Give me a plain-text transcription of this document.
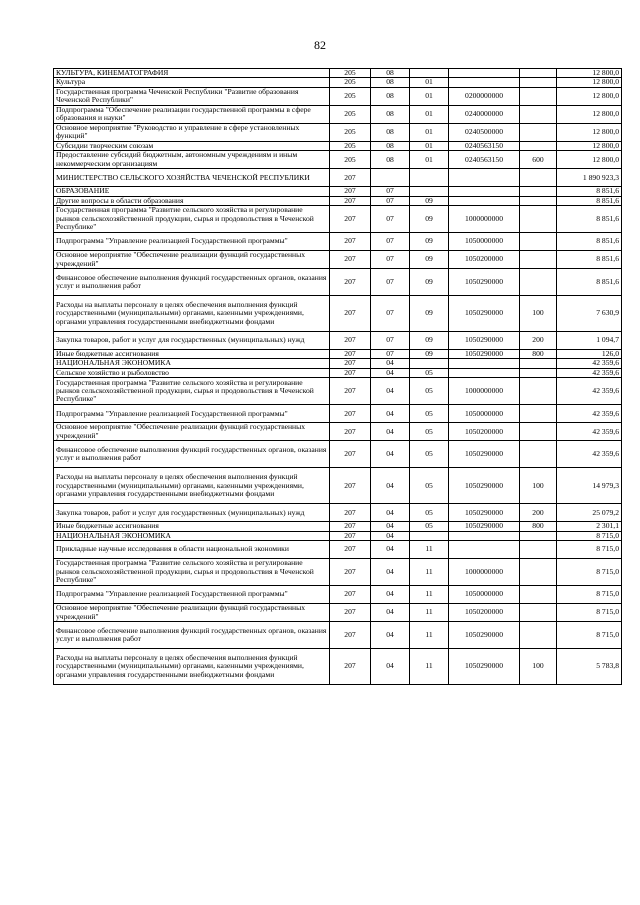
82
КУЛЬТУРА, КИНЕМАТОГРАФИЯ	205	08				12 800,0
Культура	205	08	01			12 800,0
Государственная программа Чеченской Республики "Развитие образования Чеченской Республики"	205	08	01	0200000000		12 800,0
Подпрограмма "Обеспечение реализации государственной программы в сфере образования и науки"	205	08	01	0240000000		12 800,0
Основное мероприятие "Руководство и управление в сфере установленных функций"	205	08	01	0240500000		12 800,0
Субсидии творческим союзам	205	08	01	0240563150		12 800,0
Предоставление субсидий бюджетным, автономным учреждениям и иным некоммерческим организациям	205	08	01	0240563150	600	12 800,0
МИНИСТЕРСТВО СЕЛЬСКОГО ХОЗЯЙСТВА ЧЕЧЕНСКОЙ РЕСПУБЛИКИ	207					1 890 923,3
ОБРАЗОВАНИЕ	207	07				8 851,6
Другие вопросы в области образования	207	07	09			8 851,6
Государственная программа "Развитие сельского хозяйства и регулирование рынков сельскохозяйственной продукции, сырья и продовольствия в Чеченской Республике"	207	07	09	1000000000		8 851,6
Подпрограмма "Управление реализацией Государственной программы"	207	07	09	1050000000		8 851,6
Основное мероприятие "Обеспечение реализации функций государственных учреждений"	207	07	09	1050200000		8 851,6
Финансовое обеспечение выполнения функций государственных органов, оказания услуг и выполнения работ	207	07	09	1050290000		8 851,6
Расходы на выплаты персоналу в целях обеспечения выполнения функций государственными (муниципальными) органами, казенными учреждениями, органами управления государственными внебюджетными фондами	207	07	09	1050290000	100	7 630,9
Закупка товаров, работ и услуг для государственных (муниципальных) нужд	207	07	09	1050290000	200	1 094,7
Иные бюджетные ассигнования	207	07	09	1050290000	800	126,0
НАЦИОНАЛЬНАЯ ЭКОНОМИКА	207	04				42 359,6
Сельское хозяйство и рыболовство	207	04	05			42 359,6
Государственная программа "Развитие сельского хозяйства и регулирование рынков сельскохозяйственной продукции, сырья и продовольствия в Чеченской Республике"	207	04	05	1000000000		42 359,6
Подпрограмма "Управление реализацией Государственной программы"	207	04	05	1050000000		42 359,6
Основное мероприятие "Обеспечение реализации функций государственных учреждений"	207	04	05	1050200000		42 359,6
Финансовое обеспечение выполнения функций государственных органов, оказания услуг и выполнения работ	207	04	05	1050290000		42 359,6
Расходы на выплаты персоналу в целях обеспечения выполнения функций государственными (муниципальными) органами, казенными учреждениями, органами управления государственными внебюджетными фондами	207	04	05	1050290000	100	14 979,3
Закупка товаров, работ и услуг для государственных (муниципальных) нужд	207	04	05	1050290000	200	25 079,2
Иные бюджетные ассигнования	207	04	05	1050290000	800	2 301,1
НАЦИОНАЛЬНАЯ ЭКОНОМИКА	207	04				8 715,0
Прикладные научные исследования в области национальной экономики	207	04	11			8 715,0
Государственная программа "Развитие сельского хозяйства и регулирование рынков сельскохозяйственной продукции, сырья и продовольствия в Чеченской Республике"	207	04	11	1000000000		8 715,0
Подпрограмма "Управление реализацией Государственной программы"	207	04	11	1050000000		8 715,0
Основное мероприятие "Обеспечение реализации функций государственных учреждений"	207	04	11	1050200000		8 715,0
Финансовое обеспечение выполнения функций государственных органов, оказания услуг и выполнения работ	207	04	11	1050290000		8 715,0
Расходы на выплаты персоналу в целях обеспечения выполнения функций государственными (муниципальными) органами, казенными учреждениями, органами управления государственными внебюджетными фондами	207	04	11	1050290000	100	5 783,8
